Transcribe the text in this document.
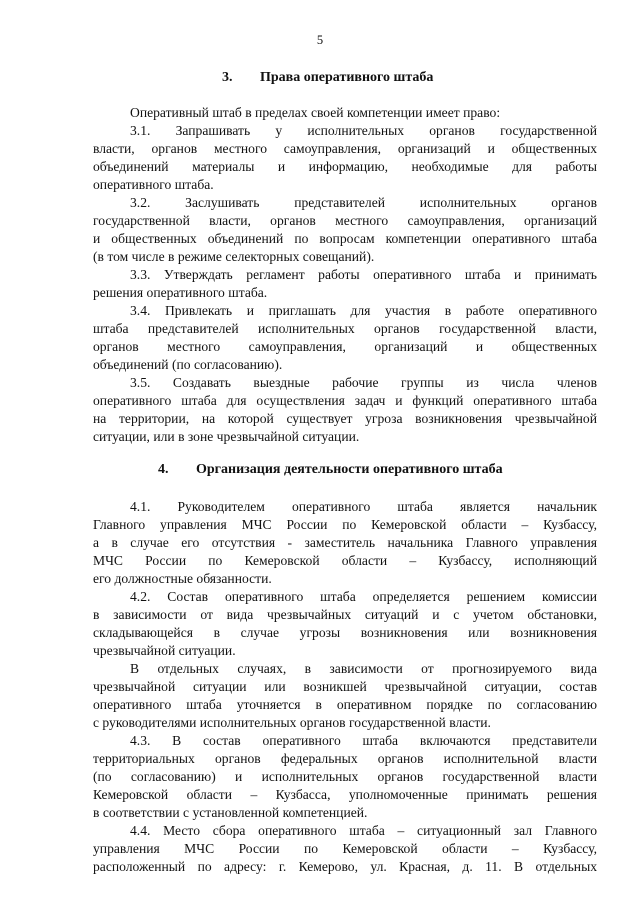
5
3. Права оперативного штаба
Оперативный штаб в пределах своей компетенции имеет право:
3.1. Запрашивать у исполнительных органов государственной
власти, органов местного самоуправления, организаций и общественных
объединений материалы и информацию, необходимые для работы
оперативного штаба.
3.2. Заслушивать представителей исполнительных органов
государственной власти, органов местного самоуправления, организаций
и общественных объединений по вопросам компетенции оперативного штаба
(в том числе в режиме селекторных совещаний).
3.3. Утверждать регламент работы оперативного штаба и принимать
решения оперативного штаба.
3.4. Привлекать и приглашать для участия в работе оперативного
штаба представителей исполнительных органов государственной власти,
органов местного самоуправления, организаций и общественных
объединений (по согласованию).
3.5. Создавать выездные рабочие группы из числа членов
оперативного штаба для осуществления задач и функций оперативного штаба
на территории, на которой существует угроза возникновения чрезвычайной
ситуации, или в зоне чрезвычайной ситуации.
4. Организация деятельности оперативного штаба
4.1. Руководителем оперативного штаба является начальник
Главного управления МЧС России по Кемеровской области – Кузбассу,
а в случае его отсутствия - заместитель начальника Главного управления
МЧС России по Кемеровской области – Кузбассу, исполняющий
его должностные обязанности.
4.2. Состав оперативного штаба определяется решением комиссии
в зависимости от вида чрезвычайных ситуаций и с учетом обстановки,
складывающейся в случае угрозы возникновения или возникновения
чрезвычайной ситуации.
В отдельных случаях, в зависимости от прогнозируемого вида
чрезвычайной ситуации или возникшей чрезвычайной ситуации, состав
оперативного штаба уточняется в оперативном порядке по согласованию
с руководителями исполнительных органов государственной власти.
4.3. В состав оперативного штаба включаются представители
территориальных органов федеральных органов исполнительной власти
(по согласованию) и исполнительных органов государственной власти
Кемеровской области – Кузбасса, уполномоченные принимать решения
в соответствии с установленной компетенцией.
4.4. Место сбора оперативного штаба – ситуационный зал Главного
управления МЧС России по Кемеровской области – Кузбассу,
расположенный по адресу: г. Кемерово, ул. Красная, д. 11. В отдельных
